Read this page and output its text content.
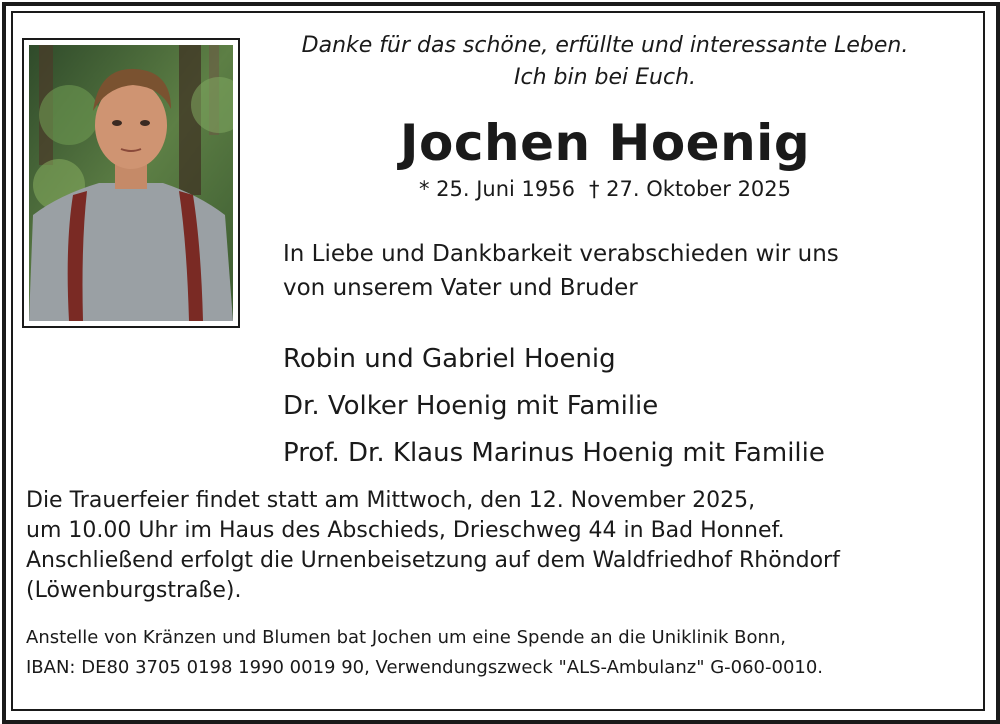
Danke für das schöne, erfüllte und interessante Leben.
Ich bin bei Euch.
Jochen Hoenig
* 25. Juni 1956 † 27. Oktober 2025
In Liebe und Dankbarkeit verabschieden wir uns
von unserem Vater und Bruder
Robin und Gabriel Hoenig
Dr. Volker Hoenig mit Familie
Prof. Dr. Klaus Marinus Hoenig mit Familie
Die Trauerfeier findet statt am Mittwoch, den 12. November 2025,
um 10.00 Uhr im Haus des Abschieds, Drieschweg 44 in Bad Honnef.
Anschließend erfolgt die Urnenbeisetzung auf dem Waldfriedhof Rhöndorf
(Löwenburgstraße).
Anstelle von Kränzen und Blumen bat Jochen um eine Spende an die Uniklinik Bonn,
IBAN: DE80 3705 0198 1990 0019 90, Verwendungszweck "ALS-Ambulanz" G-060-0010.
